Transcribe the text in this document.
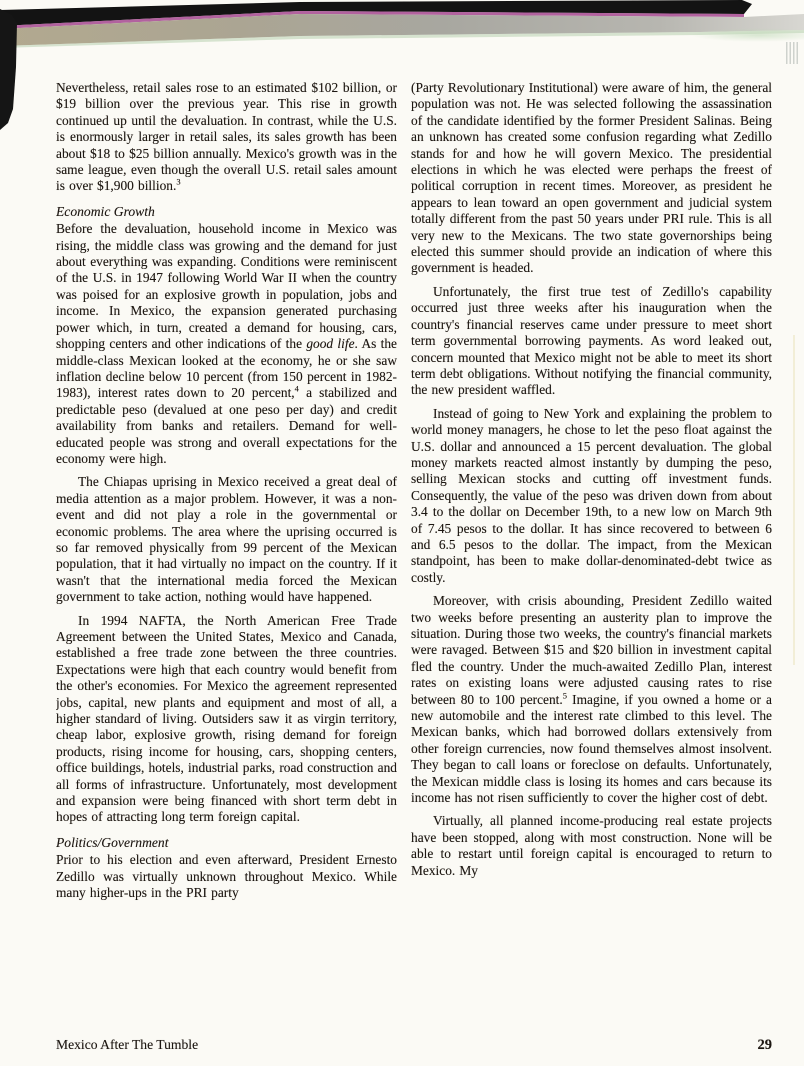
Nevertheless, retail sales rose to an estimated $102 billion, or $19 billion over the previous year. This rise in growth continued up until the devaluation. In contrast, while the U.S. is enormously larger in retail sales, its sales growth has been about $18 to $25 billion annually. Mexico's growth was in the same league, even though the overall U.S. retail sales amount is over $1,900 billion.$^3$

Economic Growth

Before the devaluation, household income in Mexico was rising, the middle class was growing and the demand for just about everything was expanding. Conditions were reminiscent of the U.S. in 1947 following World War II when the country was poised for an explosive growth in population, jobs and income. In Mexico, the expansion generated purchasing power which, in turn, created a demand for housing, cars, shopping centers and other indications of the good life. As the middle-class Mexican looked at the economy, he or she saw inflation decline below 10 percent (from 150 percent in 1982-1983), interest rates down to 20 percent,$^4$ a stabilized and predictable peso (devalued at one peso per day) and credit availability from banks and retailers. Demand for well-educated people was strong and overall expectations for the economy were high.

The Chiapas uprising in Mexico received a great deal of media attention as a major problem. However, it was a non-event and did not play a role in the governmental or economic problems. The area where the uprising occurred is so far removed physically from 99 percent of the Mexican population, that it had virtually no impact on the country. If it wasn't that the international media forced the Mexican government to take action, nothing would have happened.

In 1994 NAFTA, the North American Free Trade Agreement between the United States, Mexico and Canada, established a free trade zone between the three countries. Expectations were high that each country would benefit from the other's economies. For Mexico the agreement represented jobs, capital, new plants and equipment and most of all, a higher standard of living. Outsiders saw it as virgin territory, cheap labor, explosive growth, rising demand for foreign products, rising income for housing, cars, shopping centers, office buildings, hotels, industrial parks, road construction and all forms of infrastructure. Unfortunately, most development and expansion were being financed with short term debt in hopes of attracting long term foreign capital.

Politics/Government

Prior to his election and even afterward, President Ernesto Zedillo was virtually unknown throughout Mexico. While many higher-ups in the PRI party

(Party Revolutionary Institutional) were aware of him, the general population was not. He was selected following the assassination of the candidate identified by the former President Salinas. Being an unknown has created some confusion regarding what Zedillo stands for and how he will govern Mexico. The presidential elections in which he was elected were perhaps the freest of political corruption in recent times. Moreover, as president he appears to lean toward an open government and judicial system totally different from the past 50 years under PRI rule. This is all very new to the Mexicans. The two state governorships being elected this summer should provide an indication of where this government is headed.

Unfortunately, the first true test of Zedillo's capability occurred just three weeks after his inauguration when the country's financial reserves came under pressure to meet short term governmental borrowing payments. As word leaked out, concern mounted that Mexico might not be able to meet its short term debt obligations. Without notifying the financial community, the new president waffled.

Instead of going to New York and explaining the problem to world money managers, he chose to let the peso float against the U.S. dollar and announced a 15 percent devaluation. The global money markets reacted almost instantly by dumping the peso, selling Mexican stocks and cutting off investment funds. Consequently, the value of the peso was driven down from about 3.4 to the dollar on December 19th, to a new low on March 9th of 7.45 pesos to the dollar. It has since recovered to between 6 and 6.5 pesos to the dollar. The impact, from the Mexican standpoint, has been to make dollar-denominated-debt twice as costly.

Moreover, with crisis abounding, President Zedillo waited two weeks before presenting an austerity plan to improve the situation. During those two weeks, the country's financial markets were ravaged. Between $15 and $20 billion in investment capital fled the country. Under the much-awaited Zedillo Plan, interest rates on existing loans were adjusted causing rates to rise between 80 to 100 percent.$^5$ Imagine, if you owned a home or a new automobile and the interest rate climbed to this level. The Mexican banks, which had borrowed dollars extensively from other foreign currencies, now found themselves almost insolvent. They began to call loans or foreclose on defaults. Unfortunately, the Mexican middle class is losing its homes and cars because its income has not risen sufficiently to cover the higher cost of debt.

Virtually, all planned income-producing real estate projects have been stopped, along with most construction. None will be able to restart until foreign capital is encouraged to return to Mexico. My

Mexico After The Tumble	29
